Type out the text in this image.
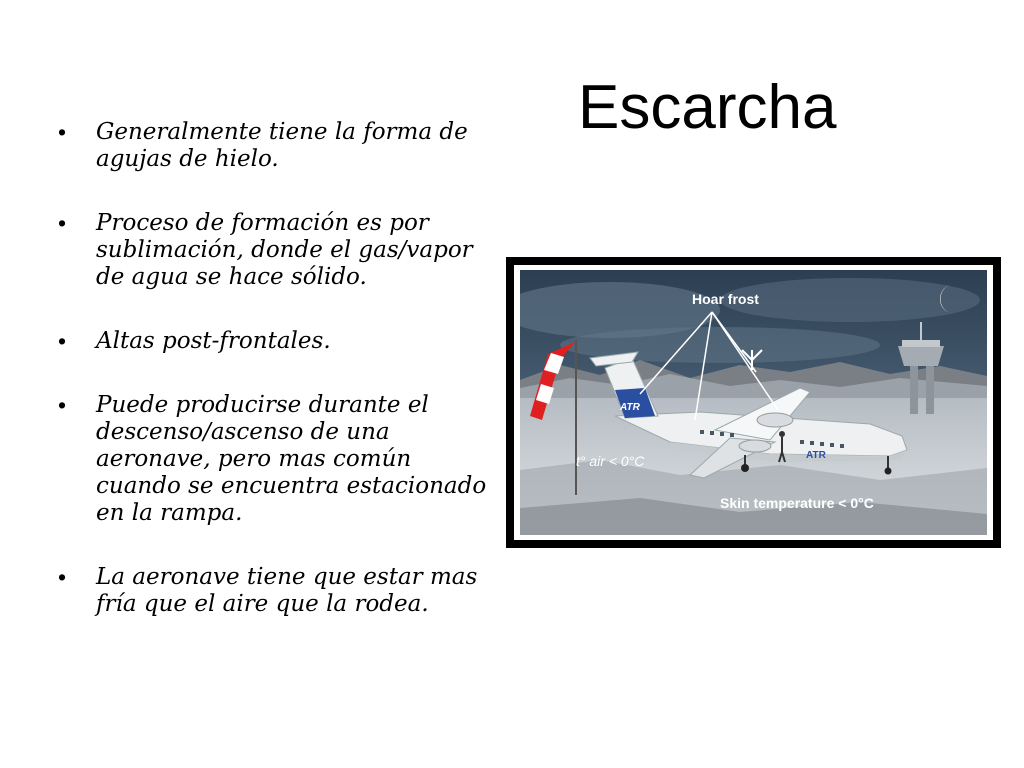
Escarcha
• Generalmente tiene la forma de agujas de hielo.
• Proceso de formación es por sublimación, donde el gas/vapor de agua se hace sólido.
• Altas post-frontales.
• Puede producirse durante el descenso/ascenso de una aeronave, pero mas común cuando se encuentra estacionado en la rampa.
• La aeronave tiene que estar mas fría que el aire que la rodea.
Hoar frost
t° air < 0°C
Skin temperature < 0°C
ATR
ATR
